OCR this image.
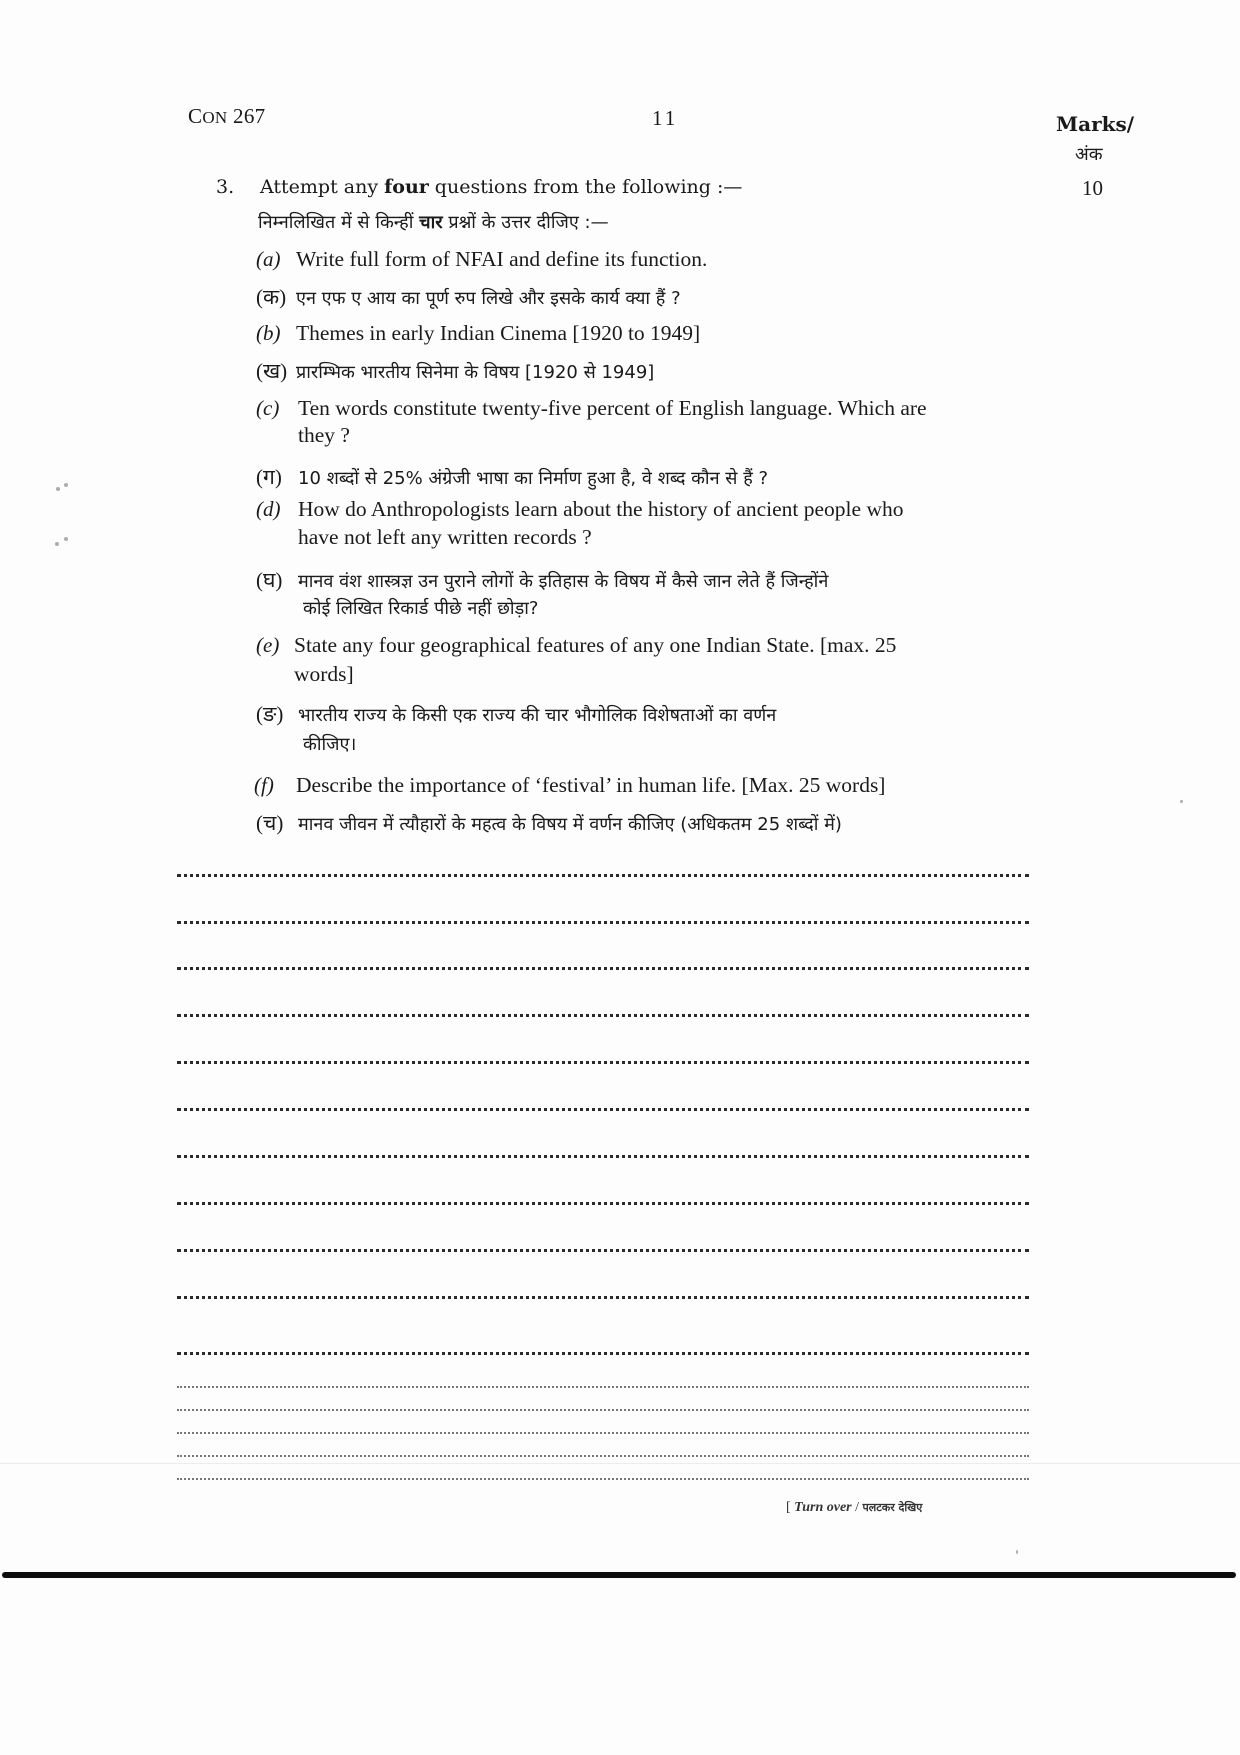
CON 267	11	Marks/
अंक
10
3. Attempt any four questions from the following :—
निम्नलिखित में से किन्हीं चार प्रश्नों के उत्तर दीजिए :—
(a) Write full form of NFAI and define its function.
(क) एन एफ ए आय का पूर्ण रुप लिखे और इसके कार्य क्या हैं ?
(b) Themes in early Indian Cinema [1920 to 1949]
(ख) प्रारम्भिक भारतीय सिनेमा के विषय [1920 से 1949]
(c) Ten words constitute twenty-five percent of English language. Which are
they ?
(ग) 10 शब्दों से 25% अंग्रेजी भाषा का निर्माण हुआ है, वे शब्द कौन से हैं ?
(d) How do Anthropologists learn about the history of ancient people who
have not left any written records ?
(घ) मानव वंश शास्त्रज्ञ उन पुराने लोगों के इतिहास के विषय में कैसे जान लेते हैं जिन्होंने
कोई लिखित रिकार्ड पीछे नहीं छोड़ा?
(e) State any four geographical features of any one Indian State. [max. 25
words]
(ङ) भारतीय राज्य के किसी एक राज्य की चार भौगोलिक विशेषताओं का वर्णन
कीजिए।
(f) Describe the importance of ‘festival’ in human life. [Max. 25 words]
(च) मानव जीवन में त्यौहारों के महत्व के विषय में वर्णन कीजिए (अधिकतम 25 शब्दों में)
[ Turn over / पलटकर देखिए
